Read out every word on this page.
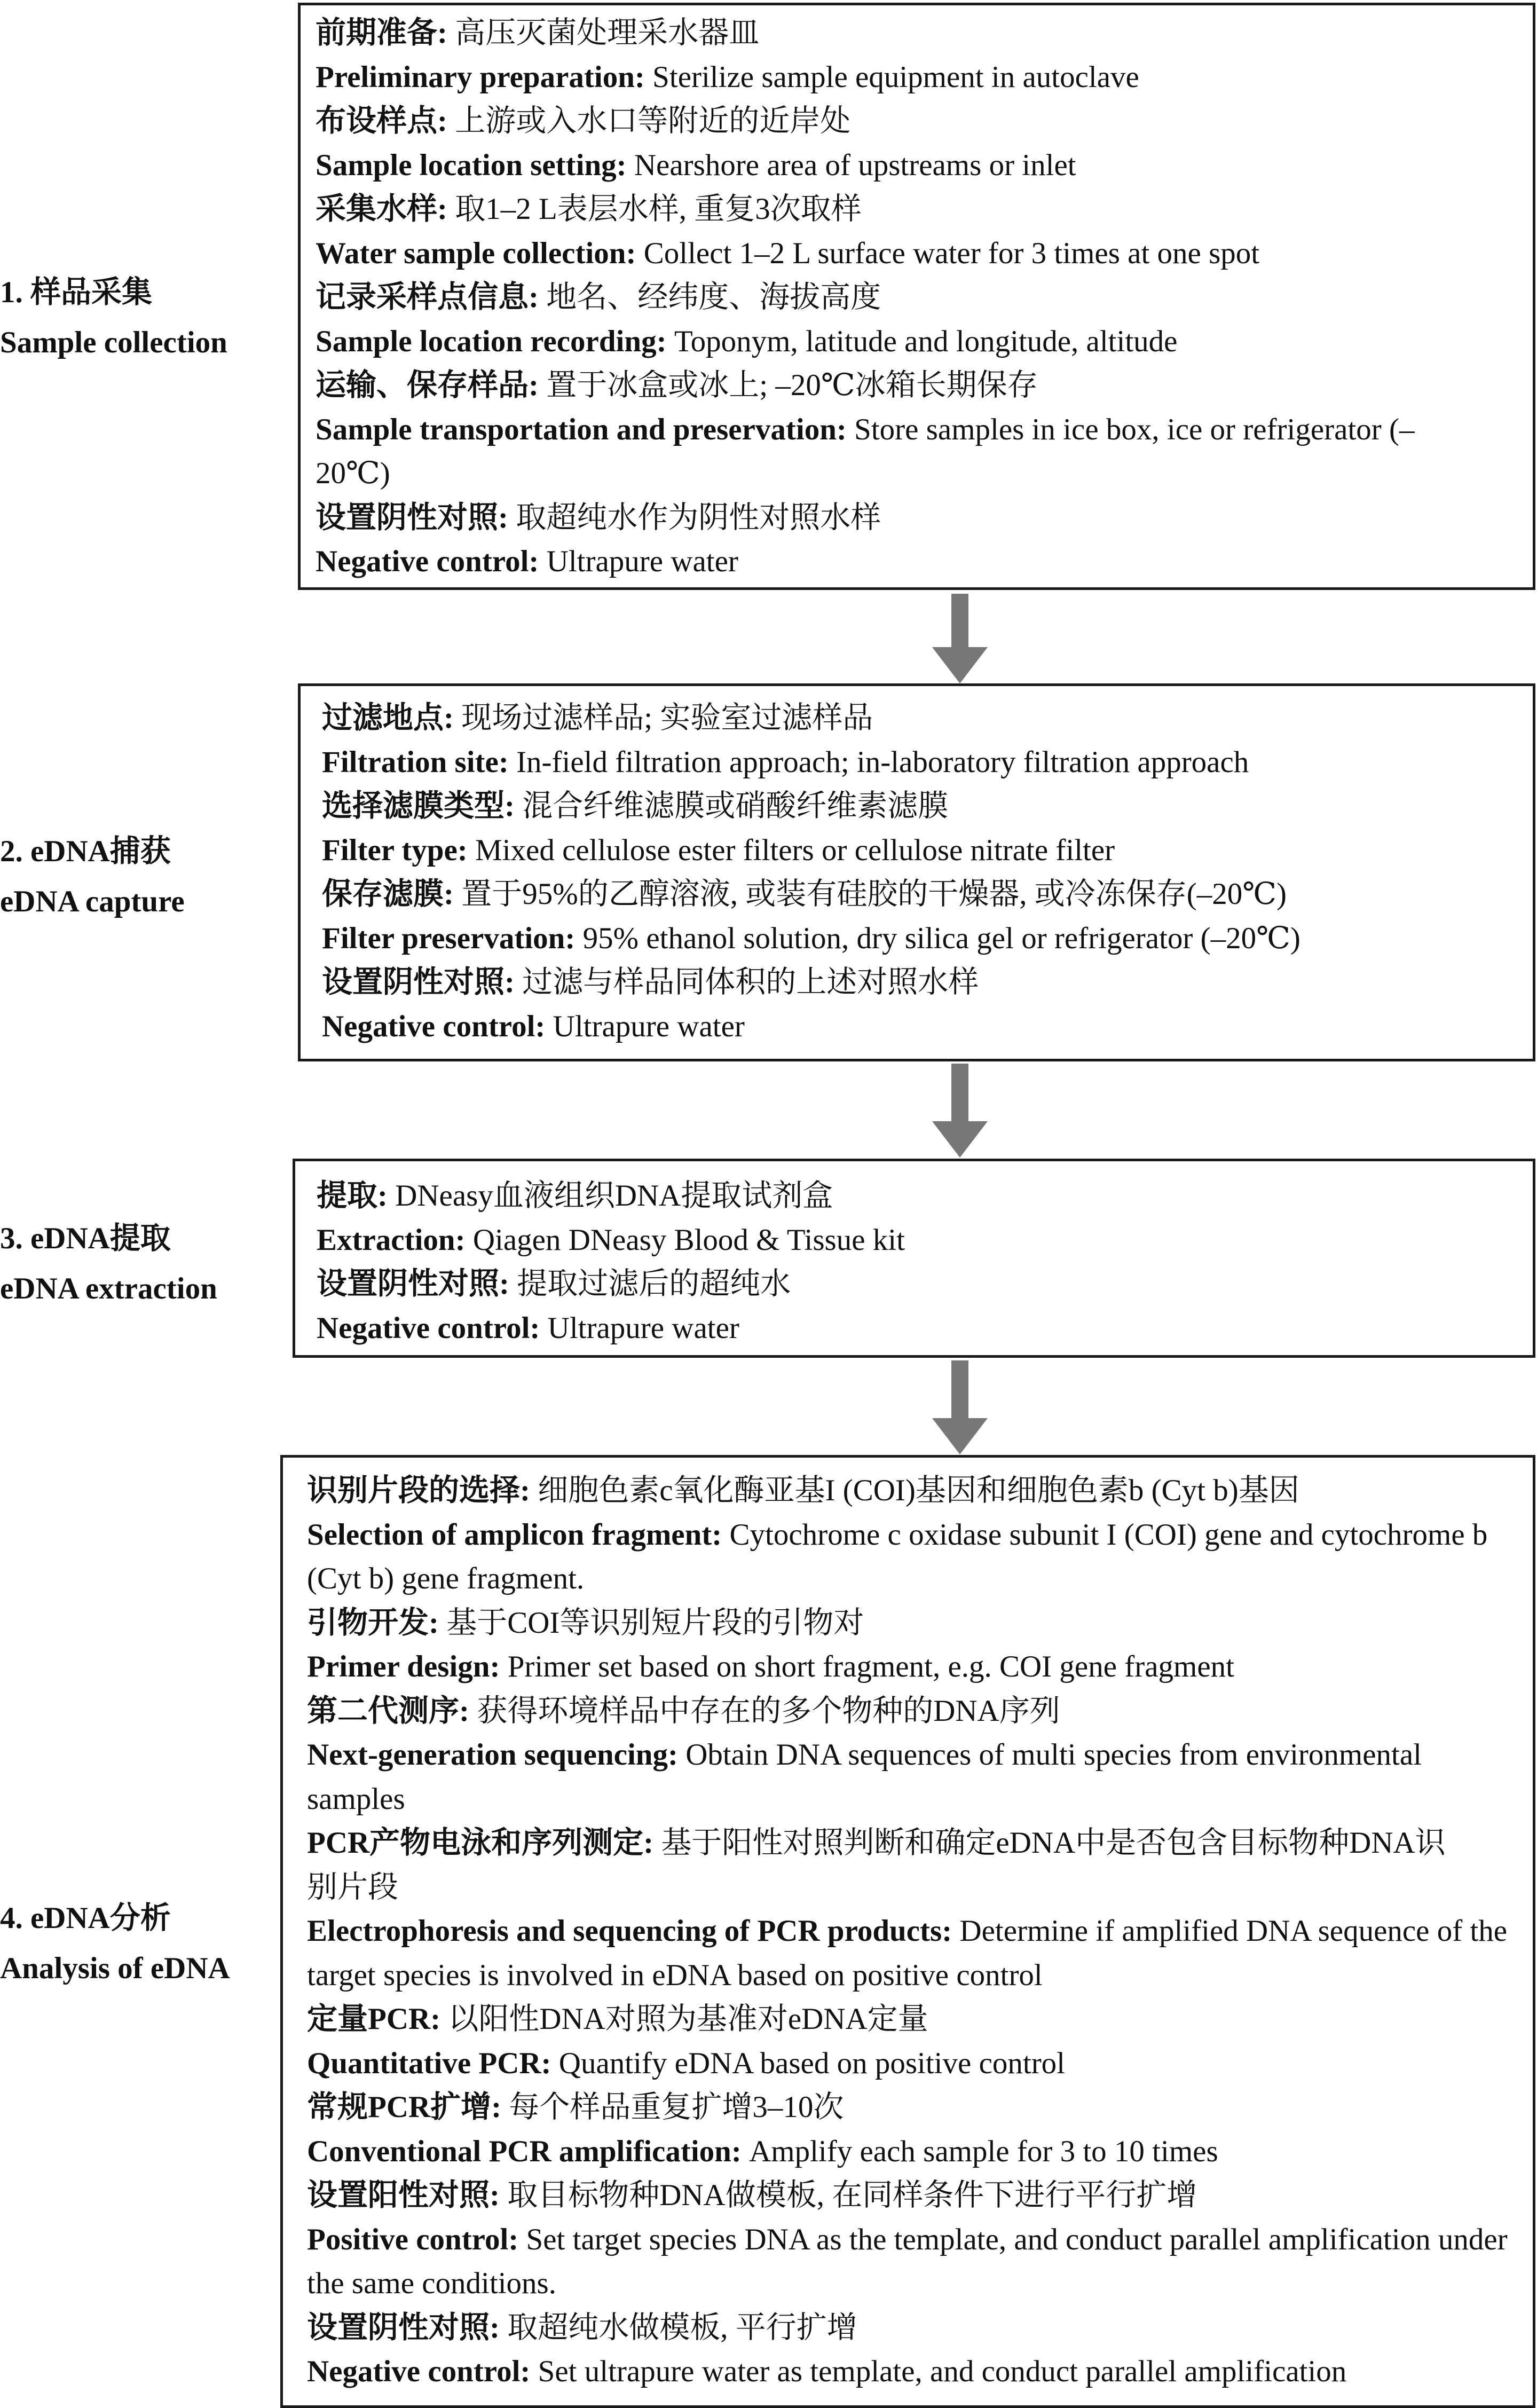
1. 样品采集
Sample collection
前期准备: 高压灭菌处理采水器皿
Preliminary preparation: Sterilize sample equipment in autoclave
布设样点: 上游或入水口等附近的近岸处
Sample location setting: Nearshore area of upstreams or inlet
采集水样: 取1–2 L表层水样, 重复3次取样
Water sample collection: Collect 1–2 L surface water for 3 times at one spot
记录采样点信息: 地名、经纬度、海拔高度
Sample location recording: Toponym, latitude and longitude, altitude
运输、保存样品: 置于冰盒或冰上; –20℃冰箱长期保存
Sample transportation and preservation: Store samples in ice box, ice or refrigerator (–20℃)
设置阴性对照: 取超纯水作为阴性对照水样
Negative control: Ultrapure water
2. eDNA捕获
eDNA capture
过滤地点: 现场过滤样品; 实验室过滤样品
Filtration site: In-field filtration approach; in-laboratory filtration approach
选择滤膜类型: 混合纤维滤膜或硝酸纤维素滤膜
Filter type: Mixed cellulose ester filters or cellulose nitrate filter
保存滤膜: 置于95%的乙醇溶液, 或装有硅胶的干燥器, 或冷冻保存(–20℃)
Filter preservation: 95% ethanol solution, dry silica gel or refrigerator (–20℃)
设置阴性对照: 过滤与样品同体积的上述对照水样
Negative control: Ultrapure water
3. eDNA提取
eDNA extraction
提取: DNeasy血液组织DNA提取试剂盒
Extraction: Qiagen DNeasy Blood & Tissue kit
设置阴性对照: 提取过滤后的超纯水
Negative control: Ultrapure water
4. eDNA分析
Analysis of eDNA
识别片段的选择: 细胞色素c氧化酶亚基I (COI)基因和细胞色素b (Cyt b)基因
Selection of amplicon fragment: Cytochrome c oxidase subunit I (COI) gene and cytochrome b (Cyt b) gene fragment.
引物开发: 基于COI等识别短片段的引物对
Primer design: Primer set based on short fragment, e.g. COI gene fragment
第二代测序: 获得环境样品中存在的多个物种的DNA序列
Next-generation sequencing: Obtain DNA sequences of multi species from environmental samples
PCR产物电泳和序列测定: 基于阳性对照判断和确定eDNA中是否包含目标物种DNA识别片段
Electrophoresis and sequencing of PCR products: Determine if amplified DNA sequence of the target species is involved in eDNA based on positive control
定量PCR: 以阳性DNA对照为基准对eDNA定量
Quantitative PCR: Quantify eDNA based on positive control
常规PCR扩增: 每个样品重复扩增3–10次
Conventional PCR amplification: Amplify each sample for 3 to 10 times
设置阳性对照: 取目标物种DNA做模板, 在同样条件下进行平行扩增
Positive control: Set target species DNA as the template, and conduct parallel amplification under the same conditions.
设置阴性对照: 取超纯水做模板, 平行扩增
Negative control: Set ultrapure water as template, and conduct parallel amplification
